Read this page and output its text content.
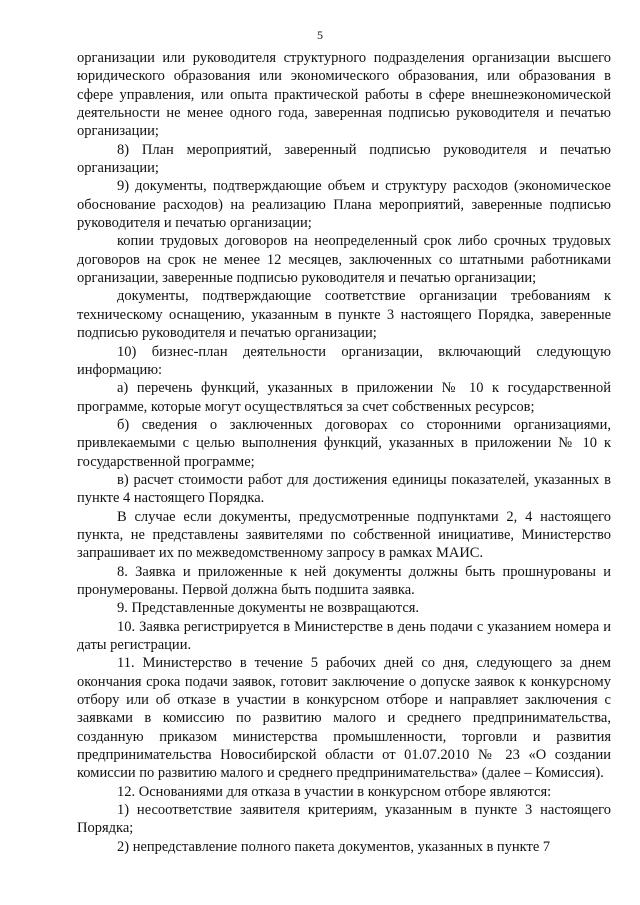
5

организации или руководителя структурного подразделения организации высшего юридического образования или экономического образования, или образования в сфере управления, или опыта практической работы в сфере внешнеэкономической деятельности не менее одного года, заверенная подписью руководителя и печатью организации;

8) План мероприятий, заверенный подписью руководителя и печатью организации;

9) документы, подтверждающие объем и структуру расходов (экономическое обоснование расходов) на реализацию Плана мероприятий, заверенные подписью руководителя и печатью организации;

копии трудовых договоров на неопределенный срок либо срочных трудовых договоров на срок не менее 12 месяцев, заключенных со штатными работниками организации, заверенные подписью руководителя и печатью организации;

документы, подтверждающие соответствие организации требованиям к техническому оснащению, указанным в пункте 3 настоящего Порядка, заверенные подписью руководителя и печатью организации;

10) бизнес-план деятельности организации, включающий следующую информацию:

а) перечень функций, указанных в приложении № 10 к государственной программе, которые могут осуществляться за счет собственных ресурсов;

б) сведения о заключенных договорах со сторонними организациями, привлекаемыми с целью выполнения функций, указанных в приложении № 10 к государственной программе;

в) расчет стоимости работ для достижения единицы показателей, указанных в пункте 4 настоящего Порядка.

В случае если документы, предусмотренные подпунктами 2, 4 настоящего пункта, не представлены заявителями по собственной инициативе, Министерство запрашивает их по межведомственному запросу в рамках МАИС.

8. Заявка и приложенные к ней документы должны быть прошнурованы и пронумерованы. Первой должна быть подшита заявка.

9. Представленные документы не возвращаются.

10. Заявка регистрируется в Министерстве в день подачи с указанием номера и даты регистрации.

11. Министерство в течение 5 рабочих дней со дня, следующего за днем окончания срока подачи заявок, готовит заключение о допуске заявок к конкурсному отбору или об отказе в участии в конкурсном отборе и направляет заключения с заявками в комиссию по развитию малого и среднего предпринимательства, созданную приказом министерства промышленности, торговли и развития предпринимательства Новосибирской области от 01.07.2010 № 23 «О создании комиссии по развитию малого и среднего предпринимательства» (далее – Комиссия).

12. Основаниями для отказа в участии в конкурсном отборе являются:

1) несоответствие заявителя критериям, указанным в пункте 3 настоящего Порядка;

2) непредставление полного пакета документов, указанных в пункте 7
